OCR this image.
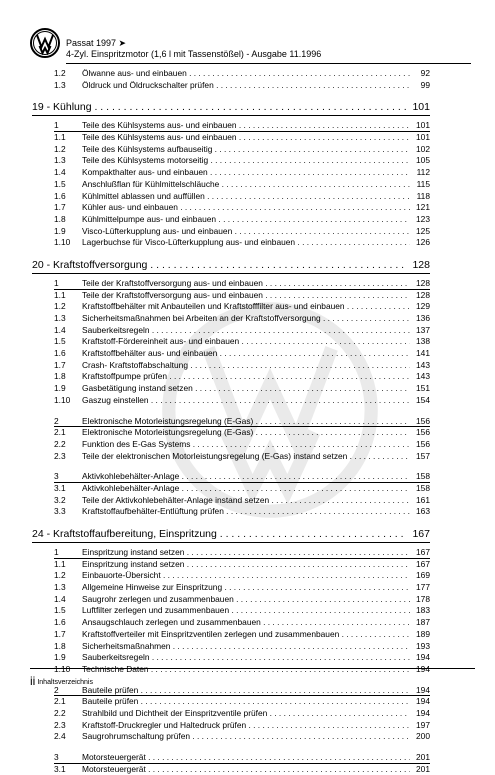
Passat 1997 ➤
4-Zyl. Einspritzmotor (1,6 l mit Tassenstößel) - Ausgabe 11.1996
1.2	Ölwanne aus- und einbauen . . .	92
1.3	Öldruck und Öldruckschalter prüfen . . .	99
19 - Kühlung . . .	101
1	Teile des Kühlsystems aus- und einbauen . . .	101
1.1	Teile des Kühlsystems aus- und einbauen . . .	101
1.2	Teile des Kühlsystems aufbauseitig . . .	102
1.3	Teile des Kühlsystems motorseitig . . .	105
1.4	Kompakthalter aus- und einbauen . . .	112
1.5	Anschlußflan für Kühlmittelschläuche . . .	115
1.6	Kühlmittel ablassen und auffüllen . . .	118
1.7	Kühler aus- und einbauen . . .	121
1.8	Kühlmittelpumpe aus- und einbauen . . .	123
1.9	Visco-Lüfterkupplung aus- und einbauen . . .	125
1.10	Lagerbuchse für Visco-Lüfterkupplung aus- und einbauen . . .	126
20 - Kraftstoffversorgung . . .	128
1	Teile der Kraftstoffversorgung aus- und einbauen . . .	128
1.1	Teile der Kraftstoffversorgung aus- und einbauen . . .	128
1.2	Kraftstoffbehälter mit Anbauteilen und Kraftstofffilter aus- und einbauen . . .	129
1.3	Sicherheitsmaßnahmen bei Arbeiten an der Kraftstoffversorgung . . .	136
1.4	Sauberkeitsregeln . . .	137
1.5	Kraftstoff-Fördereinheit aus- und einbauen . . .	138
1.6	Kraftstoffbehälter aus- und einbauen . . .	141
1.7	Crash- Kraftstoffabschaltung . . .	143
1.8	Kraftstoffpumpe prüfen . . .	143
1.9	Gasbetätigung instand setzen . . .	151
1.10	Gaszug einstellen . . .	154
2	Elektronische Motorleistungsregelung (E-Gas) . . .	156
2.1	Elektronische Motorleistungsregelung (E-Gas) . . .	156
2.2	Funktion des E-Gas Systems . . .	156
2.3	Teile der elektronischen Motorleistungsregelung (E-Gas) instand setzen . . .	157
3	Aktivkohlebehälter-Anlage . . .	158
3.1	Aktivkohlebehälter-Anlage . . .	158
3.2	Teile der Aktivkohlebehälter-Anlage instand setzen . . .	161
3.3	Kraftstoffaufbehälter-Entlüftung prüfen . . .	163
24 - Kraftstoffaufbereitung, Einspritzung . . .	167
1	Einspritzung instand setzen . . .	167
1.1	Einspritzung instand setzen . . .	167
1.2	Einbauorte-Übersicht . . .	169
1.3	Allgemeine Hinweise zur Einspritzung . . .	177
1.4	Saugrohr zerlegen und zusammenbauen . . .	178
1.5	Luftfilter zerlegen und zusammenbauen . . .	183
1.6	Ansaugschlauch zerlegen und zusammenbauen . . .	187
1.7	Kraftstoffverteiler mit Einspritzventilen zerlegen und zusammenbauen . . .	189
1.8	Sicherheitsmaßnahmen . . .	193
1.9	Sauberkeitsregeln . . .	194
1.10	Technische Daten . . .	194
2	Bauteile prüfen . . .	194
2.1	Bauteile prüfen . . .	194
2.2	Strahlbild und Dichtheit der Einspritzventile prüfen . . .	194
2.3	Kraftstoff-Druckregler und Haltedruck prüfen . . .	197
2.4	Saugrohrumschaltung prüfen . . .	200
3	Motorsteuergerät . . .	201
3.1	Motorsteuergerät . . .	201
ii Inhaltsverzeichnis
